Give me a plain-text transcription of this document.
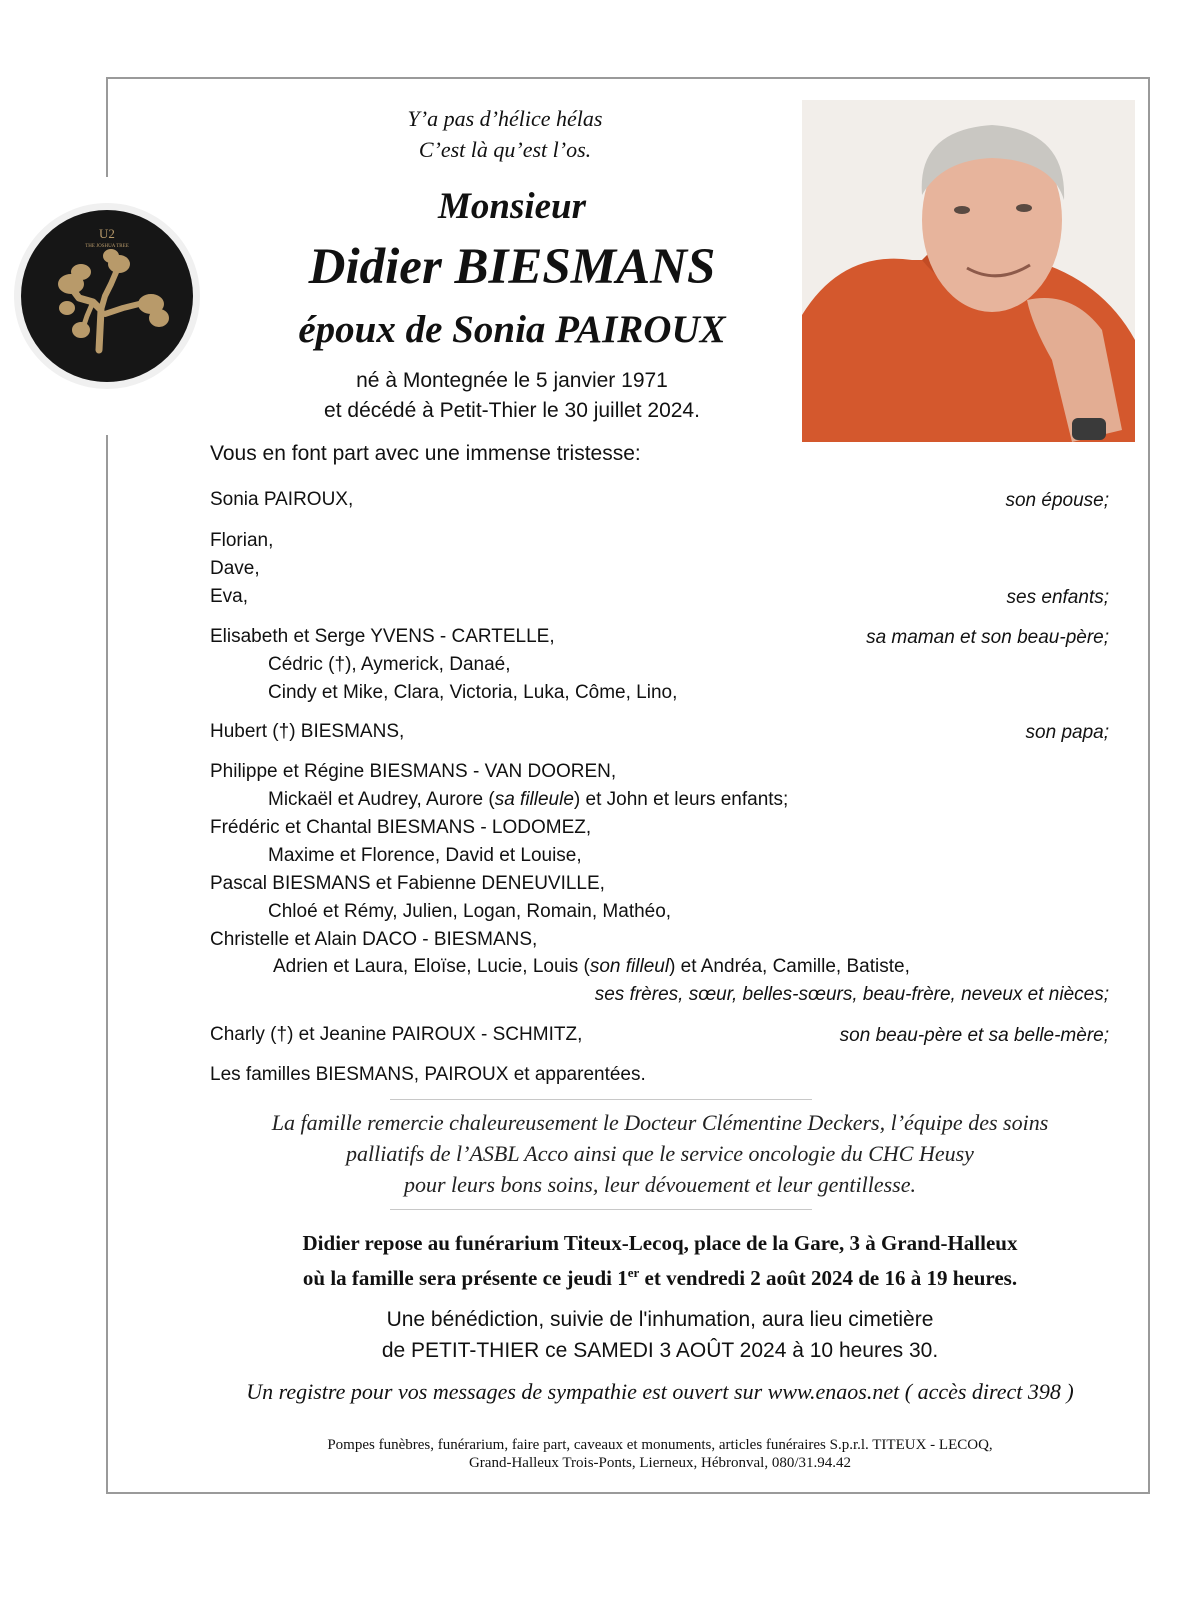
U2
THE JOSHUA TREE
Y’a pas d’hélice hélas
C’est là qu’est l’os.
Monsieur
Didier BIESMANS
époux de Sonia PAIROUX
né à Montegnée le 5 janvier 1971
et décédé à Petit-Thier le 30 juillet 2024.
Vous en font part avec une immense tristesse:
Sonia PAIROUX,	son épouse;
Florian,
Dave,
Eva,	ses enfants;
Elisabeth et Serge YVENS - CARTELLE,	sa maman et son beau-père;
Cédric (†), Aymerick, Danaé,
Cindy et Mike, Clara, Victoria, Luka, Côme, Lino,
Hubert (†) BIESMANS,	son papa;
Philippe et Régine BIESMANS - VAN DOOREN,
Mickaël et Audrey, Aurore (sa filleule) et John et leurs enfants;
Frédéric et Chantal BIESMANS - LODOMEZ,
Maxime et Florence, David et Louise,
Pascal BIESMANS et Fabienne DENEUVILLE,
Chloé et Rémy, Julien, Logan, Romain, Mathéo,
Christelle et Alain DACO - BIESMANS,
Adrien et Laura, Eloïse, Lucie, Louis (son filleul) et Andréa, Camille, Batiste,
ses frères, sœur, belles-sœurs, beau-frère, neveux et nièces;
Charly (†) et Jeanine PAIROUX - SCHMITZ,	son beau-père et sa belle-mère;
Les familles BIESMANS, PAIROUX et apparentées.
La famille remercie chaleureusement le Docteur Clémentine Deckers, l’équipe des soins
palliatifs de l’ASBL Acco ainsi que le service oncologie du CHC Heusy
pour leurs bons soins, leur dévouement et leur gentillesse.
Didier repose au funérarium Titeux-Lecoq, place de la Gare, 3 à Grand-Halleux
où la famille sera présente ce jeudi 1er et vendredi 2 août 2024 de 16 à 19 heures.
Une bénédiction, suivie de l'inhumation, aura lieu cimetière
de PETIT-THIER ce SAMEDI 3 AOÛT 2024 à 10 heures 30.
Un registre pour vos messages de sympathie est ouvert sur www.enaos.net ( accès direct 398 )
Pompes funèbres, funérarium, faire part, caveaux et monuments, articles funéraires S.p.r.l. TITEUX - LECOQ,
Grand-Halleux Trois-Ponts, Lierneux, Hébronval, 080/31.94.42
